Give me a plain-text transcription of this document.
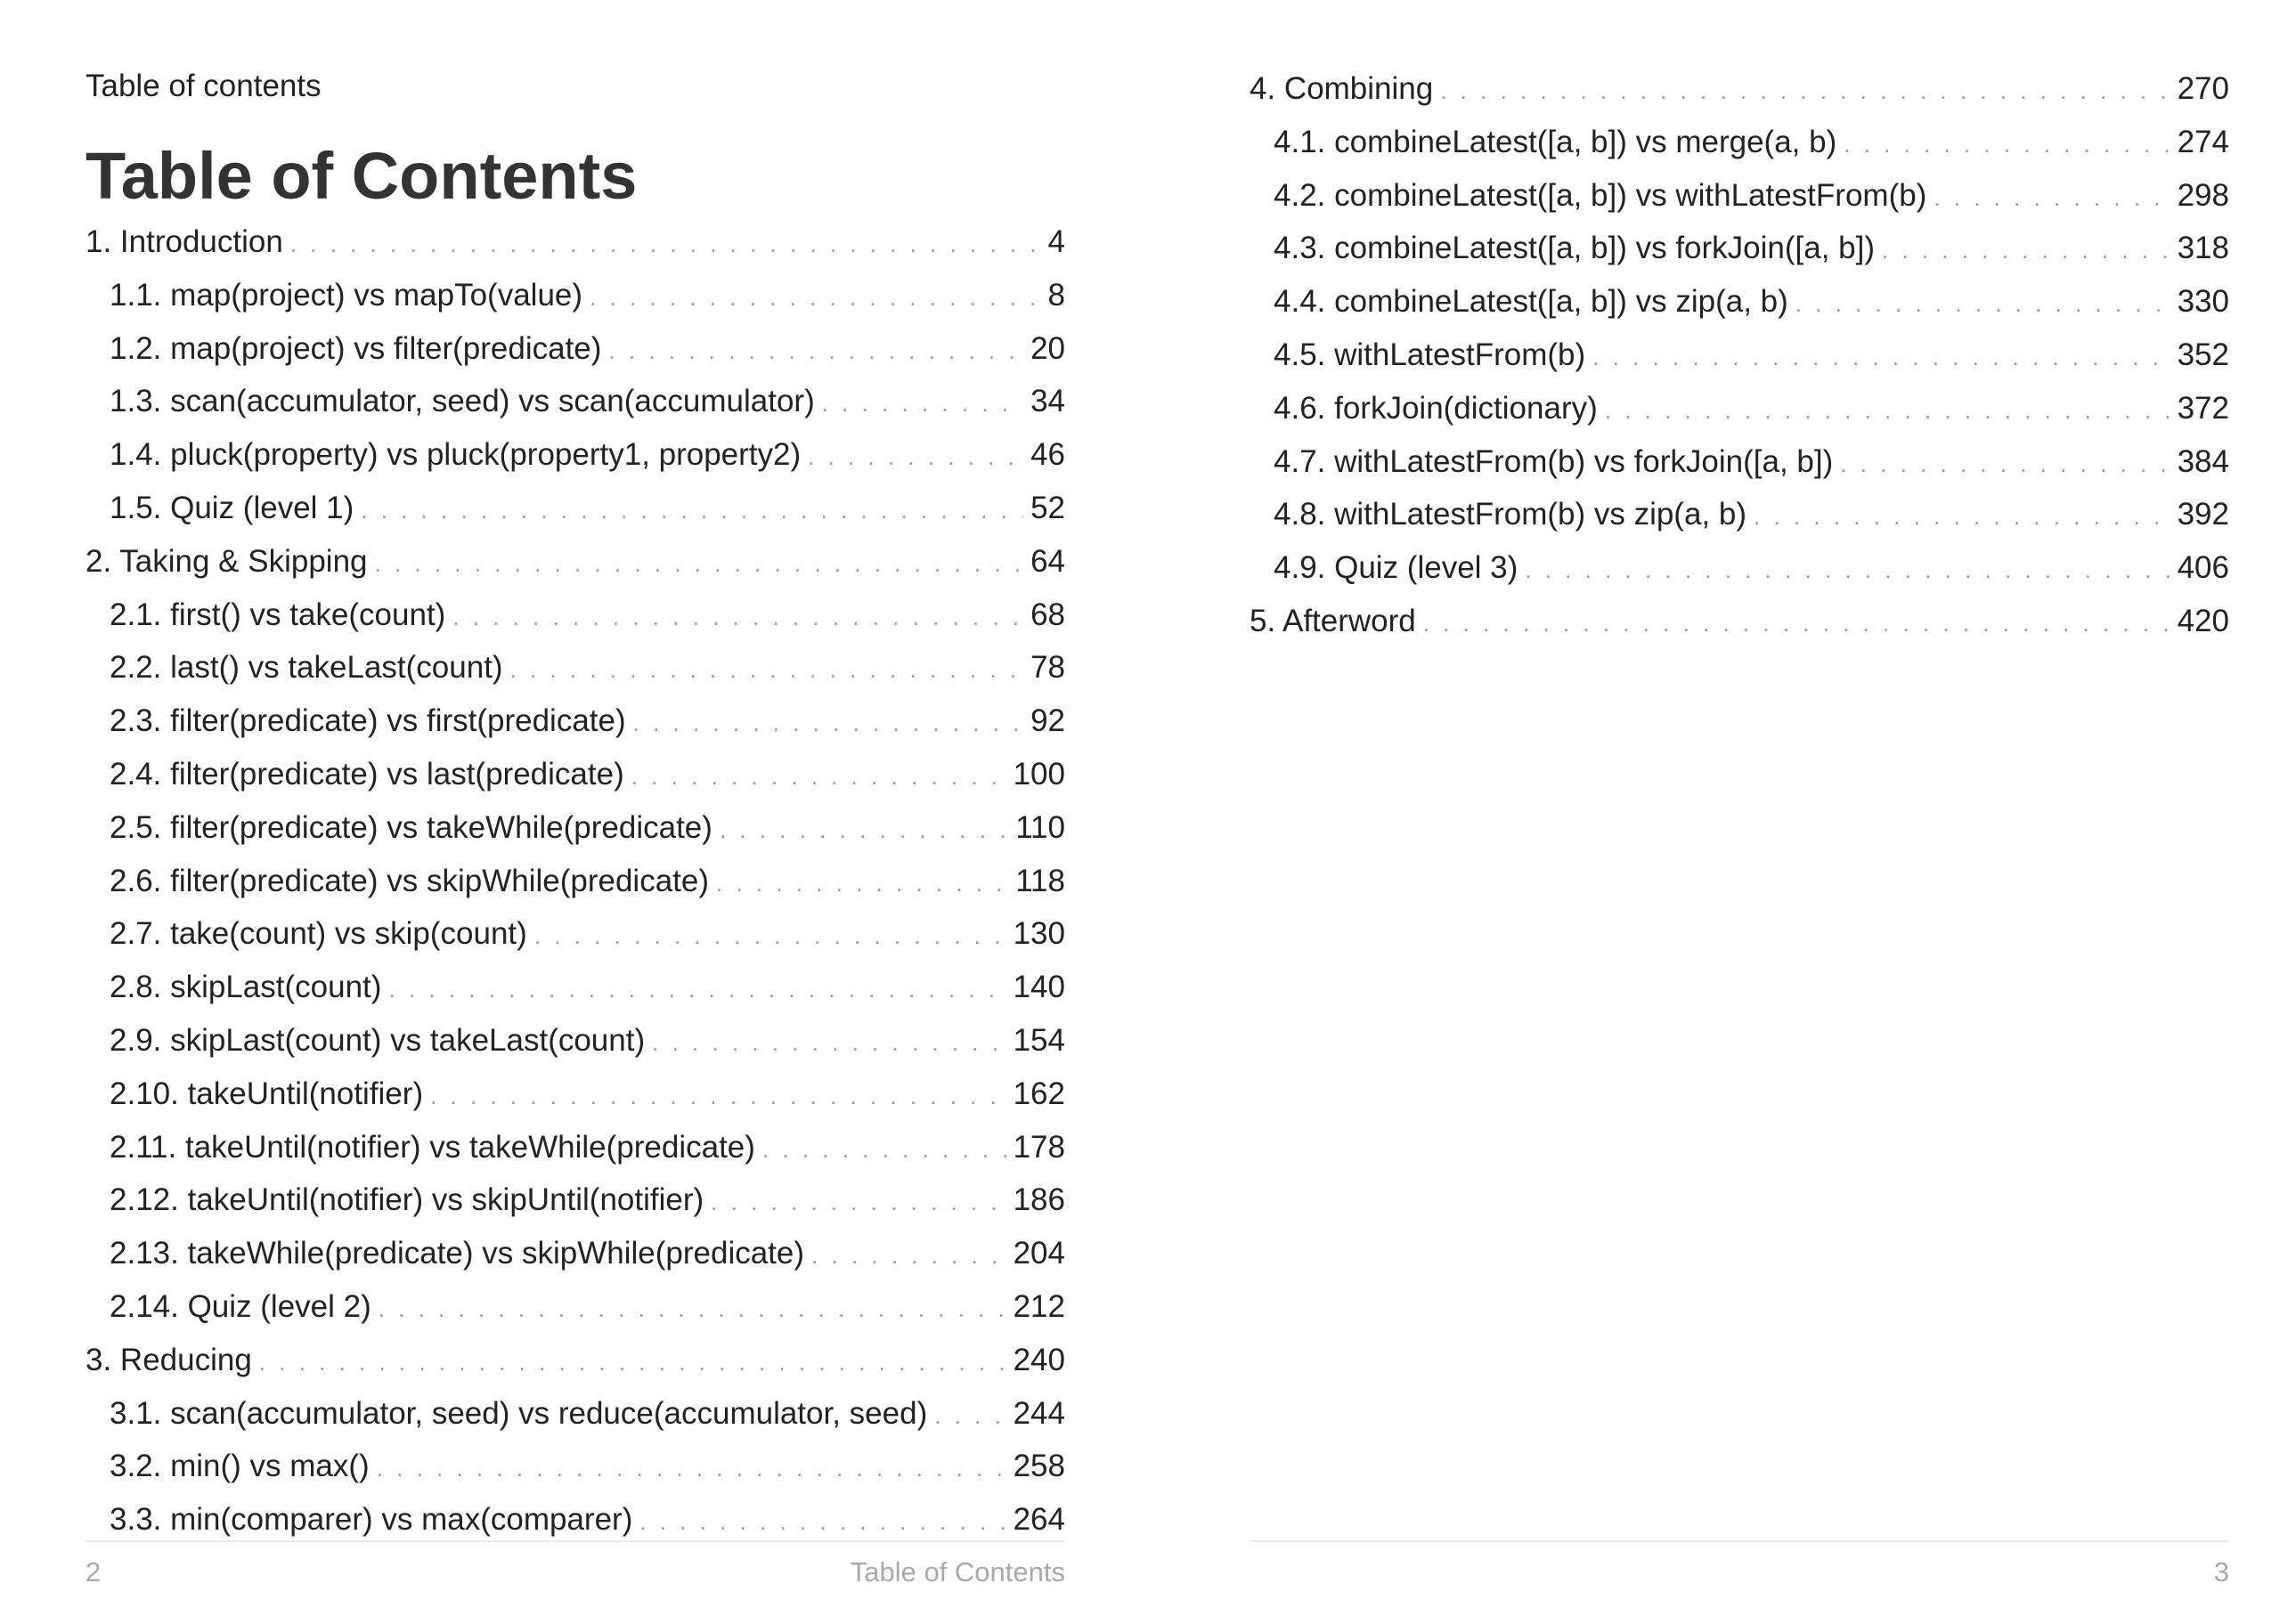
Table of contents
Table of Contents
1. Introduction . . .	4
1.1. map(project) vs mapTo(value) . . .	8
1.2. map(project) vs filter(predicate) . . .	20
1.3. scan(accumulator, seed) vs scan(accumulator) . . .	34
1.4. pluck(property) vs pluck(property1, property2) . . .	46
1.5. Quiz (level 1) . . .	52
2. Taking & Skipping . . .	64
2.1. first() vs take(count) . . .	68
2.2. last() vs takeLast(count) . . .	78
2.3. filter(predicate) vs first(predicate) . . .	92
2.4. filter(predicate) vs last(predicate) . . .	100
2.5. filter(predicate) vs takeWhile(predicate) . . .	110
2.6. filter(predicate) vs skipWhile(predicate) . . .	118
2.7. take(count) vs skip(count) . . .	130
2.8. skipLast(count) . . .	140
2.9. skipLast(count) vs takeLast(count) . . .	154
2.10. takeUntil(notifier) . . .	162
2.11. takeUntil(notifier) vs takeWhile(predicate) . . .	178
2.12. takeUntil(notifier) vs skipUntil(notifier) . . .	186
2.13. takeWhile(predicate) vs skipWhile(predicate) . . .	204
2.14. Quiz (level 2) . . .	212
3. Reducing . . .	240
3.1. scan(accumulator, seed) vs reduce(accumulator, seed) . . .	244
3.2. min() vs max() . . .	258
3.3. min(comparer) vs max(comparer) . . .	264
2	Table of Contents
4. Combining . . .	270
4.1. combineLatest([a, b]) vs merge(a, b) . . .	274
4.2. combineLatest([a, b]) vs withLatestFrom(b) . . .	298
4.3. combineLatest([a, b]) vs forkJoin([a, b]) . . .	318
4.4. combineLatest([a, b]) vs zip(a, b) . . .	330
4.5. withLatestFrom(b) . . .	352
4.6. forkJoin(dictionary) . . .	372
4.7. withLatestFrom(b) vs forkJoin([a, b]) . . .	384
4.8. withLatestFrom(b) vs zip(a, b) . . .	392
4.9. Quiz (level 3) . . .	406
5. Afterword . . .	420
3
